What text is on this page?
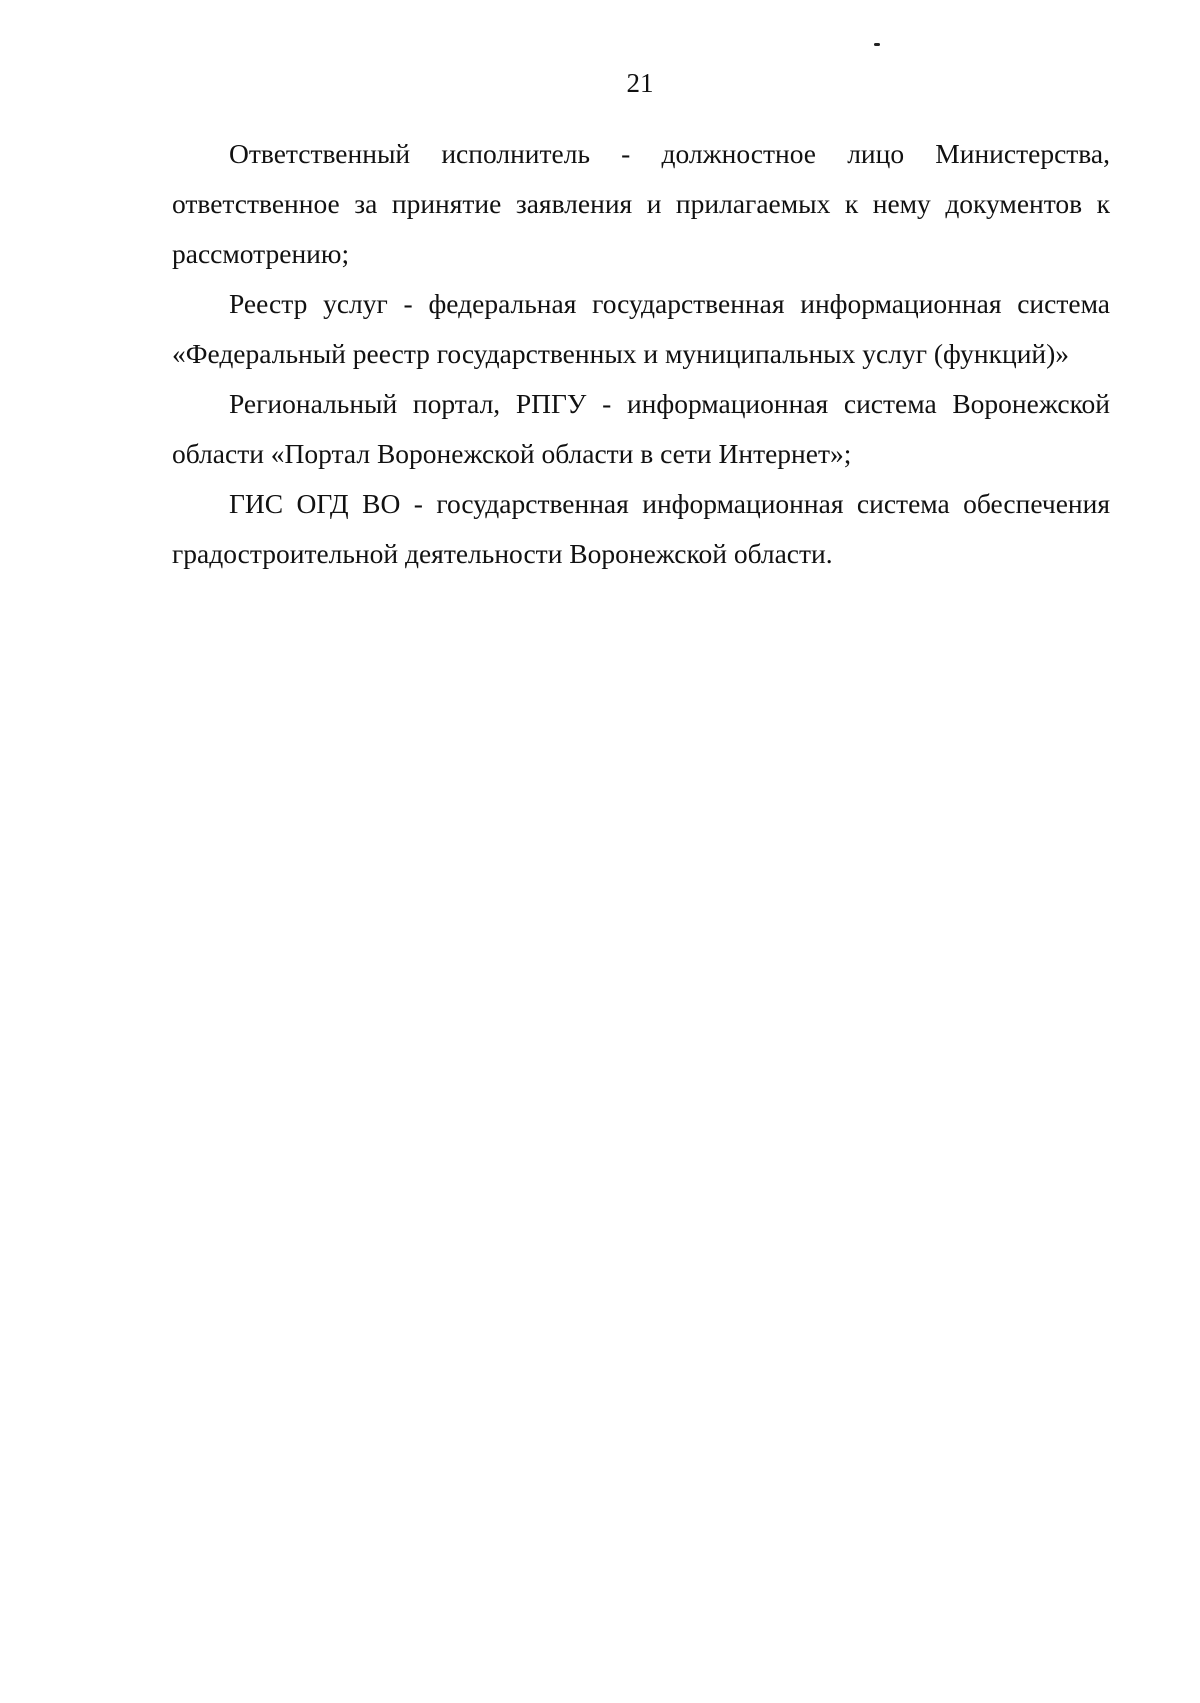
21

Ответственный исполнитель - должностное лицо Министерства, ответственное за принятие заявления и прилагаемых к нему документов к рассмотрению;

Реестр услуг - федеральная государственная информационная система «Федеральный реестр государственных и муниципальных услуг (функций)»

Региональный портал, РПГУ - информационная система Воронежской области «Портал Воронежской области в сети Интернет»;

ГИС ОГД ВО - государственная информационная система обеспечения градостроительной деятельности Воронежской области.
